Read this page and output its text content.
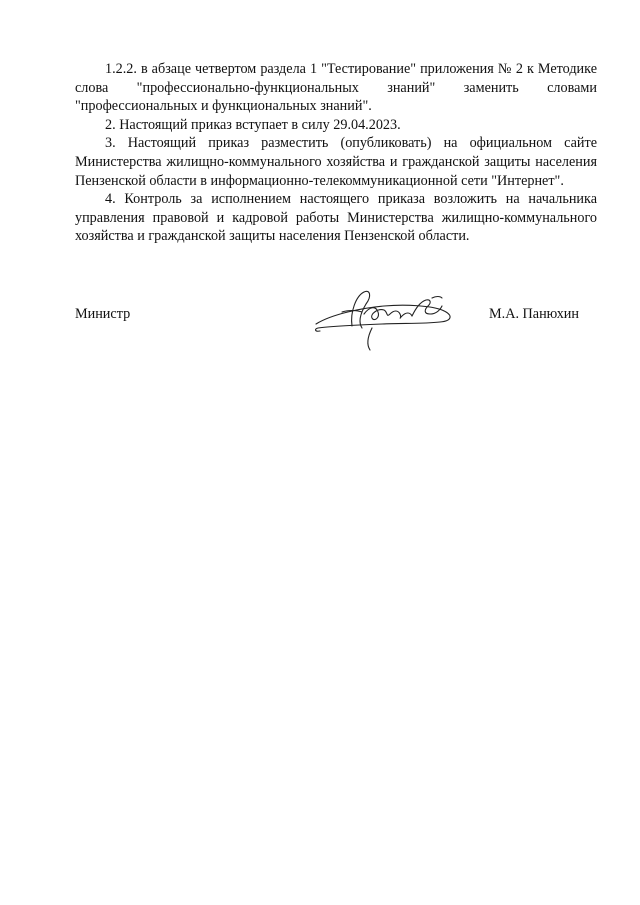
1.2.2. в абзаце четвертом раздела 1 "Тестирование" приложения № 2 к Методике слова "профессионально-функциональных знаний" заменить словами "профессиональных и функциональных знаний".

2. Настоящий приказ вступает в силу 29.04.2023.

3. Настоящий приказ разместить (опубликовать) на официальном сайте Министерства жилищно-коммунального хозяйства и гражданской защиты населения Пензенской области в информационно-телекоммуникационной сети "Интернет".

4. Контроль за исполнением настоящего приказа возложить на начальника управления правовой и кадровой работы Министерства жилищно-коммунального хозяйства и гражданской защиты населения Пензенской области.

Министр	М.А. Панюхин
